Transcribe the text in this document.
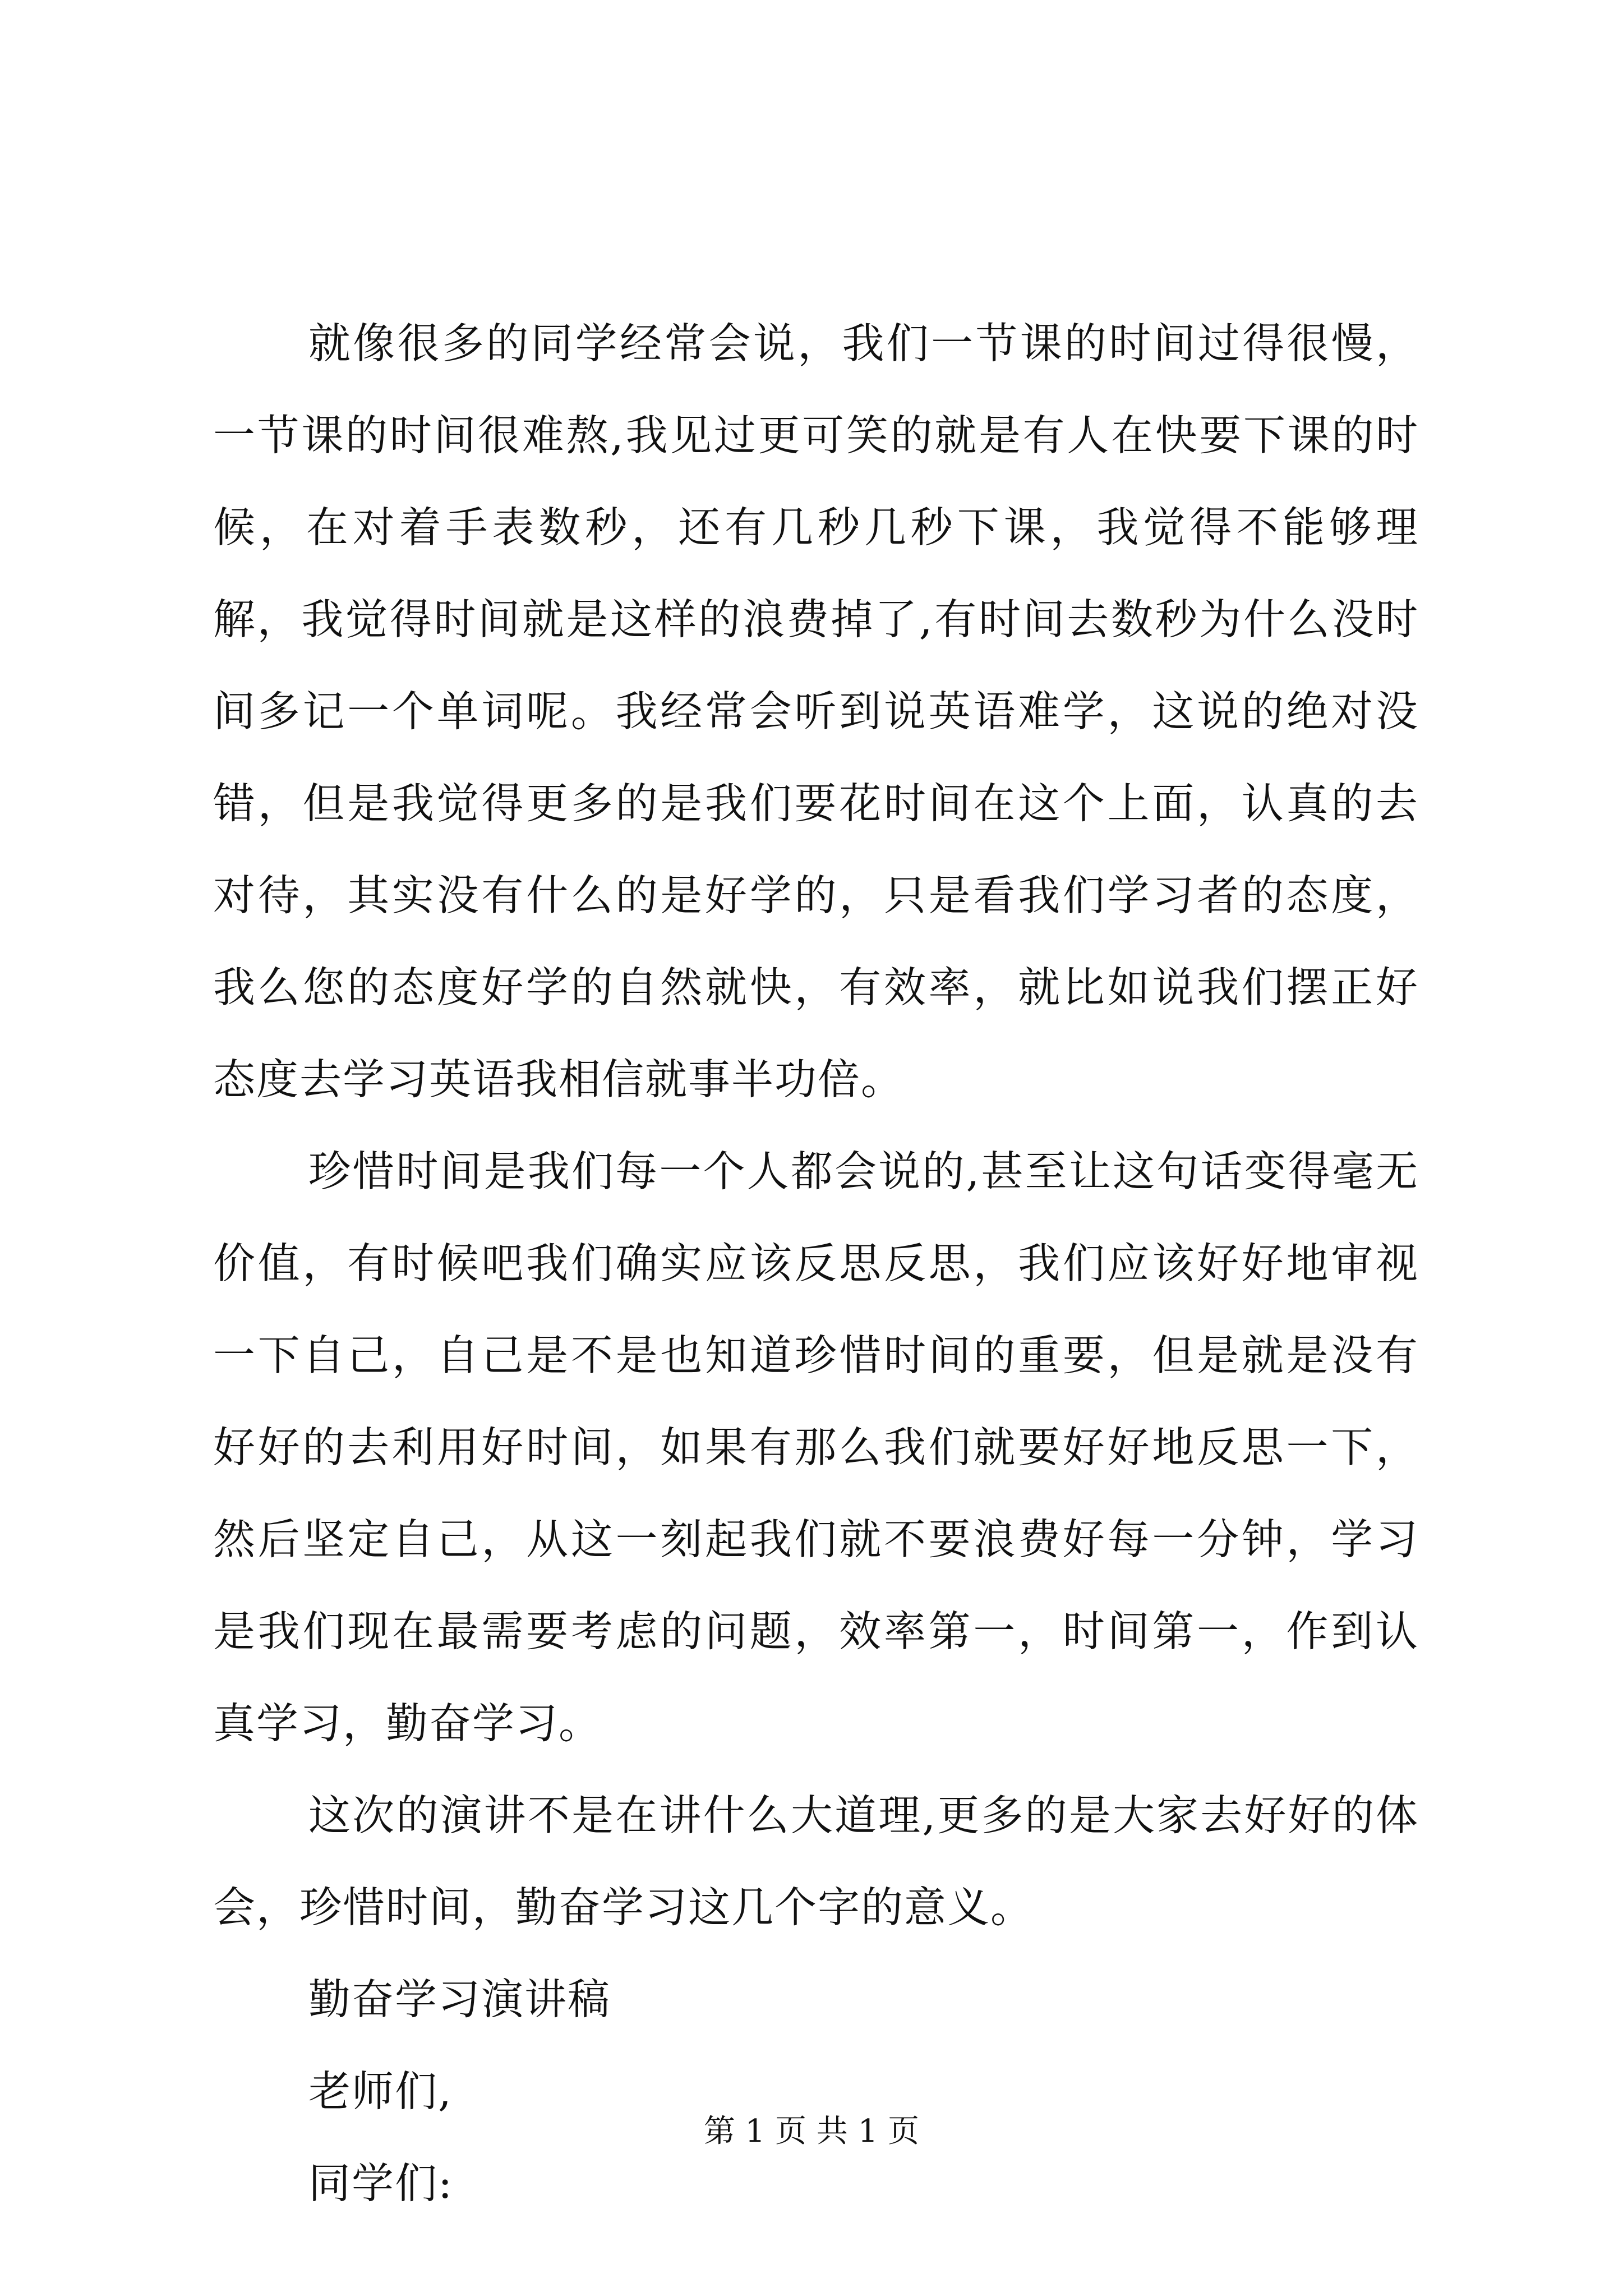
就像很多的同学经常会说，我们一节课的时间过得很慢，一节课的时间很难熬,我见过更可笑的就是有人在快要下课的时候，在对着手表数秒，还有几秒几秒下课，我觉得不能够理解，我觉得时间就是这样的浪费掉了,有时间去数秒为什么没时间多记一个单词呢。我经常会听到说英语难学，这说的绝对没错，但是我觉得更多的是我们要花时间在这个上面，认真的去对待，其实没有什么的是好学的，只是看我们学习者的态度，我么您的态度好学的自然就快，有效率，就比如说我们摆正好态度去学习英语我相信就事半功倍。

珍惜时间是我们每一个人都会说的,甚至让这句话变得毫无价值，有时候吧我们确实应该反思反思，我们应该好好地审视一下自己，自己是不是也知道珍惜时间的重要，但是就是没有好好的去利用好时间，如果有那么我们就要好好地反思一下，然后坚定自己，从这一刻起我们就不要浪费好每一分钟，学习是我们现在最需要考虑的问题，效率第一，时间第一，作到认真学习，勤奋学习。

这次的演讲不是在讲什么大道理,更多的是大家去好好的体会，珍惜时间，勤奋学习这几个字的意义。

勤奋学习演讲稿

老师们,

同学们:

第 1 页 共 1 页
